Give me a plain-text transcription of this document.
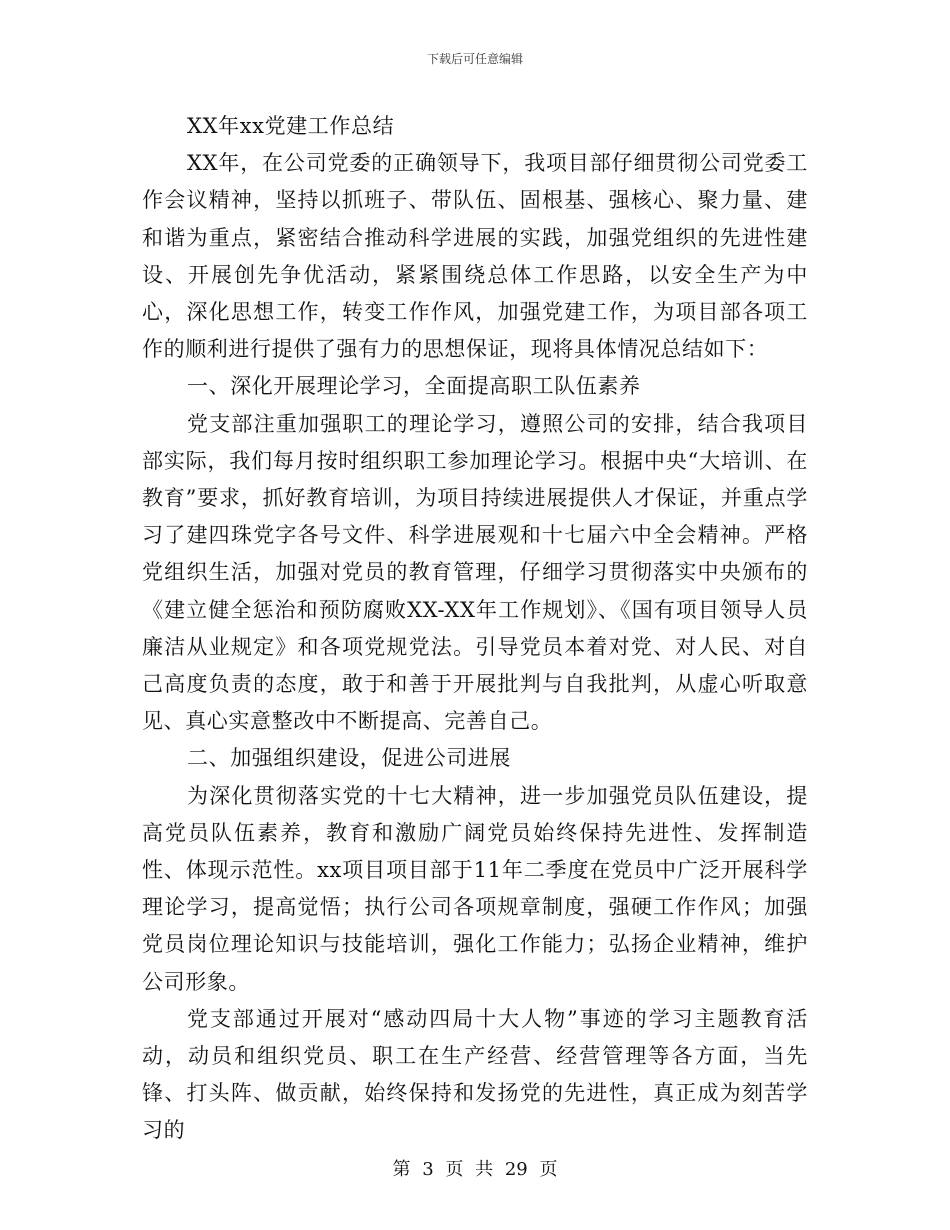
下载后可任意编辑

XX年xx党建工作总结

XX年，在公司党委的正确领导下，我项目部仔细贯彻公司党委工作会议精神，坚持以抓班子、带队伍、固根基、强核心、聚力量、建和谐为重点，紧密结合推动科学进展的实践，加强党组织的先进性建设、开展创先争优活动，紧紧围绕总体工作思路，以安全生产为中心，深化思想工作，转变工作作风，加强党建工作，为项目部各项工作的顺利进行提供了强有力的思想保证，现将具体情况总结如下：

一、深化开展理论学习，全面提高职工队伍素养

党支部注重加强职工的理论学习，遵照公司的安排，结合我项目部实际，我们每月按时组织职工参加理论学习。根据中央“大培训、在教育”要求，抓好教育培训，为项目持续进展提供人才保证，并重点学习了建四珠党字各号文件、科学进展观和十七届六中全会精神。严格党组织生活，加强对党员的教育管理，仔细学习贯彻落实中央颁布的《建立健全惩治和预防腐败XX-XX年工作规划》、《国有项目领导人员廉洁从业规定》和各项党规党法。引导党员本着对党、对人民、对自己高度负责的态度，敢于和善于开展批判与自我批判，从虚心听取意见、真心实意整改中不断提高、完善自己。

二、加强组织建设，促进公司进展

为深化贯彻落实党的十七大精神，进一步加强党员队伍建设，提高党员队伍素养，教育和激励广阔党员始终保持先进性、发挥制造性、体现示范性。xx项目项目部于11年二季度在党员中广泛开展科学理论学习，提高觉悟；执行公司各项规章制度，强硬工作作风；加强党员岗位理论知识与技能培训，强化工作能力；弘扬企业精神，维护公司形象。

党支部通过开展对“感动四局十大人物”事迹的学习主题教育活动，动员和组织党员、职工在生产经营、经营管理等各方面，当先锋、打头阵、做贡献，始终保持和发扬党的先进性，真正成为刻苦学习的

第 3 页 共 29 页
